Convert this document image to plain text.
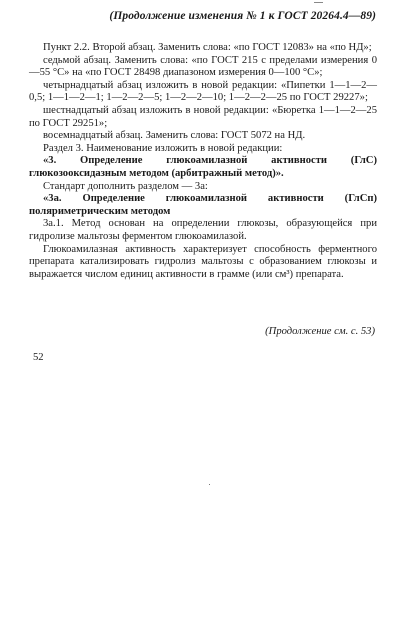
(Продолжение изменения № 1 к ГОСТ 20264.4—89)

Пункт 2.2. Второй абзац. Заменить слова: «по ГОСТ 12083» на «по НД»;

седьмой абзац. Заменить слова: «по ГОСТ 215 с пределами измерения 0—55 °С» на «по ГОСТ 28498 диапазоном измерения 0—100 °С»;

четырнадцатый абзац изложить в новой редакции: «Пипетки 1—1—2— 0,5; 1—1—2—1; 1—2—2—5; 1—2—2—10; 1—2—2—25 по ГОСТ 29227»;

шестнадцатый абзац изложить в новой редакции: «Бюретка 1—1—2—25 по ГОСТ 29251»;

восемнадцатый абзац. Заменить слова: ГОСТ 5072 на НД.

Раздел 3. Наименование изложить в новой редакции:

«3. Определение глюкоамилазной активности (ГлС) глюкозооксидазным методом (арбитражный метод)».

Стандарт дополнить разделом — 3а:

«3а. Определение глюкоамилазной активности (ГлСп) поляриметрическим методом

3а.1. Метод основан на определении глюкозы, образующейся при гидролизе мальтозы ферментом глюкоамилазой.

Глюкоамилазная активность характеризует способность ферментного препарата катализировать гидролиз мальтозы с образованием глюкозы и выражается числом единиц активности в грамме (или см³) препарата.

(Продолжение см. с. 53)
52
